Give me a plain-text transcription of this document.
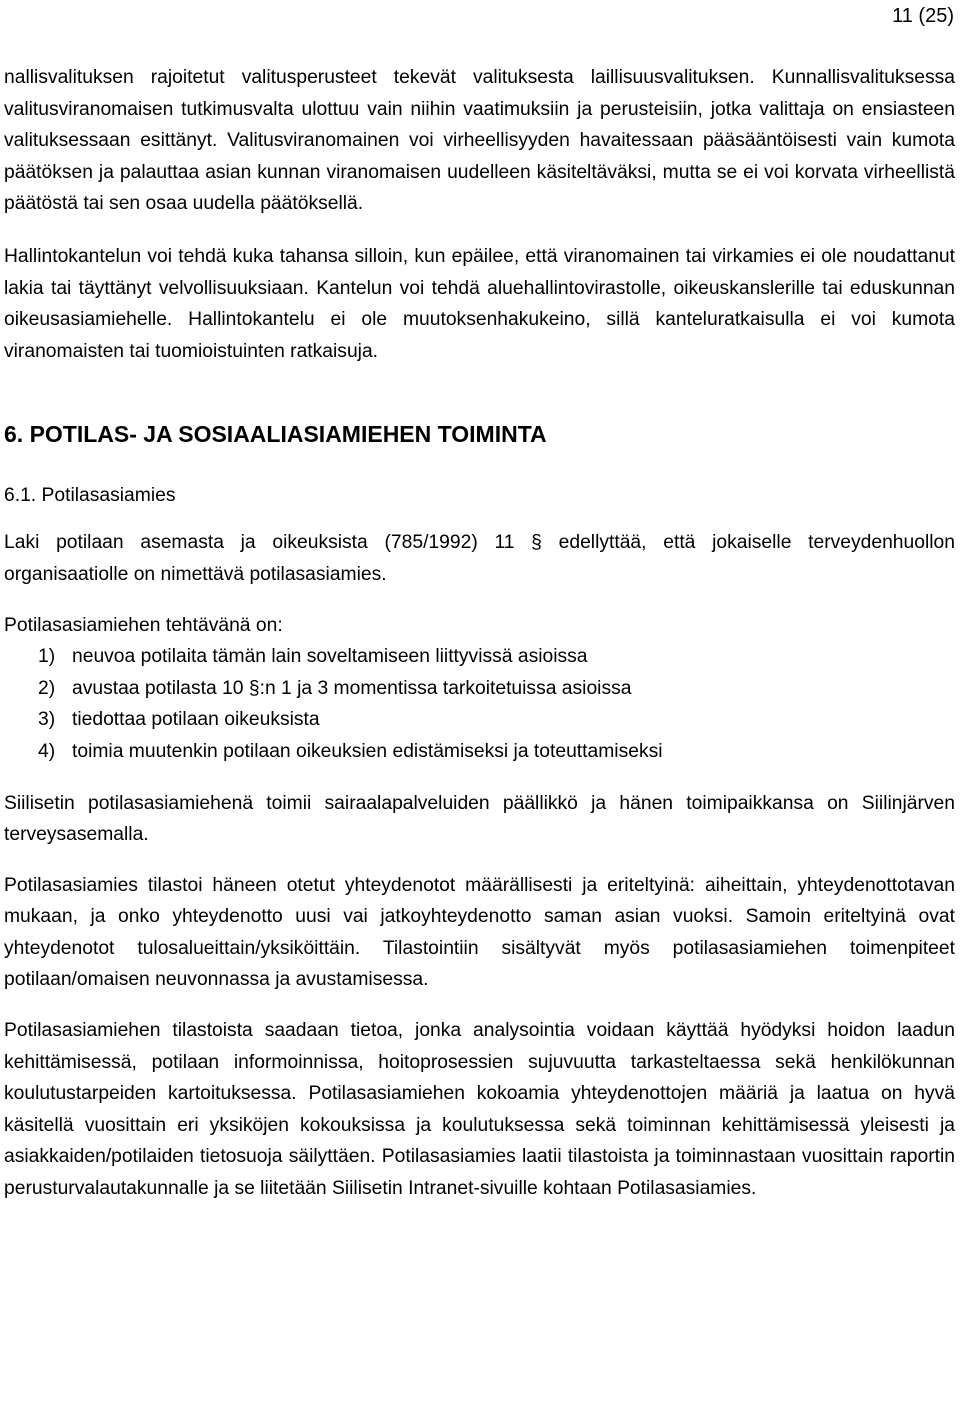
11 (25)

nallisvalituksen rajoitetut valitusperusteet tekevät valituksesta laillisuusvalituksen. Kunnallisvalituksessa valitusviranomaisen tutkimusvalta ulottuu vain niihin vaatimuksiin ja perusteisiin, jotka valittaja on ensiasteen valituksessaan esittänyt. Valitusviranomainen voi virheellisyyden havaitessaan pääsääntöisesti vain kumota päätöksen ja palauttaa asian kunnan viranomaisen uudelleen käsiteltäväksi, mutta se ei voi korvata virheellistä päätöstä tai sen osaa uudella päätöksellä.

Hallintokantelun voi tehdä kuka tahansa silloin, kun epäilee, että viranomainen tai virkamies ei ole noudattanut lakia tai täyttänyt velvollisuuksiaan. Kantelun voi tehdä aluehallintovirastolle, oikeuskanslerille tai eduskunnan oikeusasiamiehelle. Hallintokantelu ei ole muutoksenhakukeino, sillä kanteluratkaisulla ei voi kumota viranomaisten tai tuomioistuinten ratkaisuja.

6. POTILAS- JA SOSIAALIASIAMIEHEN TOIMINTA
6.1. Potilasasiamies

Laki potilaan asemasta ja oikeuksista (785/1992) 11 § edellyttää, että jokaiselle terveydenhuollon organisaatiolle on nimettävä potilasasiamies.

Potilasasiamiehen tehtävänä on:

1) neuvoa potilaita tämän lain soveltamiseen liittyvissä asioissa
2) avustaa potilasta 10 §:n 1 ja 3 momentissa tarkoitetuissa asioissa
3) tiedottaa potilaan oikeuksista
4) toimia muutenkin potilaan oikeuksien edistämiseksi ja toteuttamiseksi

Siilisetin potilasasiamiehenä toimii sairaalapalveluiden päällikkö ja hänen toimipaikkansa on Siilinjärven terveysasemalla.

Potilasasiamies tilastoi häneen otetut yhteydenotot määrällisesti ja eriteltyinä: aiheittain, yhteydenottotavan mukaan, ja onko yhteydenotto uusi vai jatkoyhteydenotto saman asian vuoksi. Samoin eriteltyinä ovat yhteydenotot tulosalueittain/yksiköittäin. Tilastointiin sisältyvät myös potilasasiamiehen toimenpiteet potilaan/omaisen neuvonnassa ja avustamisessa.

Potilasasiamiehen tilastoista saadaan tietoa, jonka analysointia voidaan käyttää hyödyksi hoidon laadun kehittämisessä, potilaan informoinnissa, hoitoprosessien sujuvuutta tarkasteltaessa sekä henkilökunnan koulutustarpeiden kartoituksessa. Potilasasiamiehen kokoamia yhteydenottojen määriä ja laatua on hyvä käsitellä vuosittain eri yksiköjen kokouksissa ja koulutuksessa sekä toiminnan kehittämisessä yleisesti ja asiakkaiden/potilaiden tietosuoja säilyttäen. Potilasasiamies laatii tilastoista ja toiminnastaan vuosittain raportin perusturvalautakunnalle ja se liitetään Siilisetin Intranet-sivuille kohtaan Potilasasiamies.
